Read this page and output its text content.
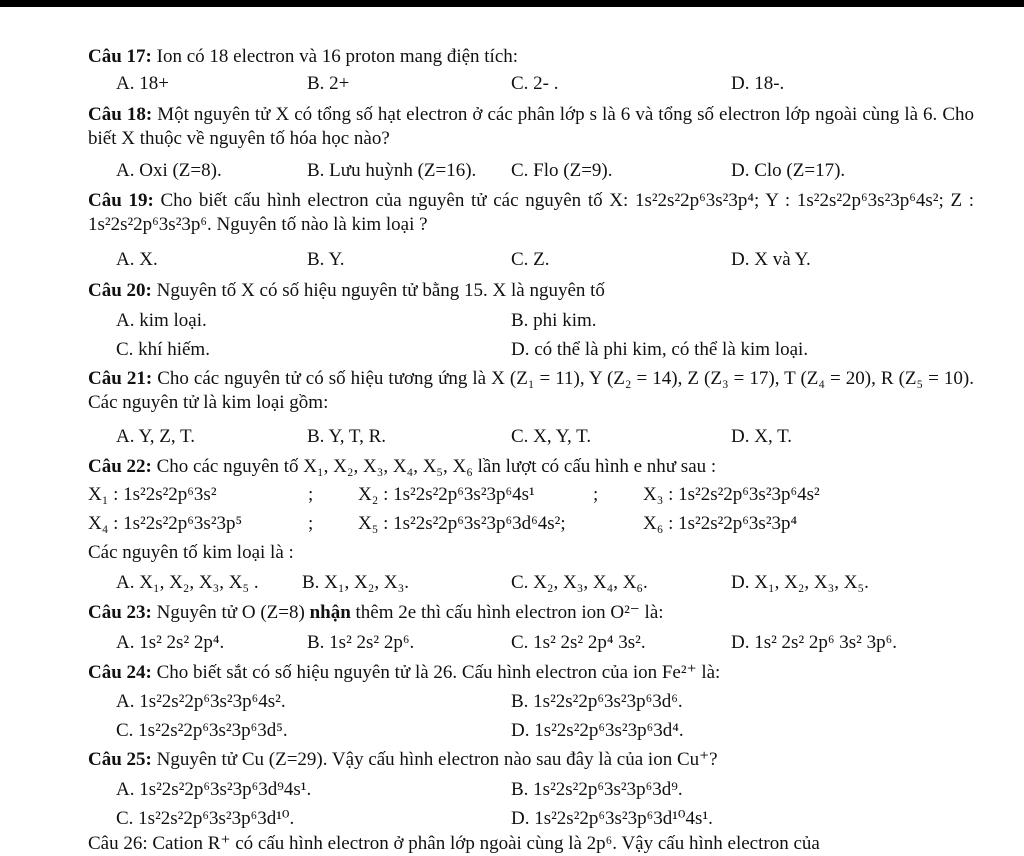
Câu 17: Ion có 18 electron và 16 proton mang điện tích:
A. 18+	B. 2+	C. 2- .	D. 18-.
Câu 18: Một nguyên tử X có tổng số hạt electron ở các phân lớp s là 6 và tổng số electron lớp ngoài cùng là 6. Cho biết X thuộc về nguyên tố hóa học nào?
A. Oxi (Z=8).	B. Lưu huỳnh (Z=16). C. Flo (Z=9).	D. Clo (Z=17).
Câu 19: Cho biết cấu hình electron của nguyên tử các nguyên tố X: 1s²2s²2p⁶3s²3p⁴; Y : 1s²2s²2p⁶3s²3p⁶4s²; Z : 1s²2s²2p⁶3s²3p⁶. Nguyên tố nào là kim loại ?
A. X.	B. Y.	C. Z.	D. X và Y.
Câu 20: Nguyên tố X có số hiệu nguyên tử bằng 15. X là nguyên tố
A. kim loại.	B. phi kim.
C. khí hiếm.	D. có thể là phi kim, có thể là kim loại.
Câu 21: Cho các nguyên tử có số hiệu tương ứng là X (Z₁ = 11), Y (Z₂ = 14), Z (Z₃ = 17), T (Z₄ = 20), R (Z₅ = 10). Các nguyên tử là kim loại gồm:
A. Y, Z, T.	B. Y, T, R.	C. X, Y, T.	D. X, T.
Câu 22: Cho các nguyên tố X₁, X₂, X₃, X₄, X₅, X₆ lần lượt có cấu hình e như sau :
X₁ : 1s²2s²2p⁶3s²	; X₂ : 1s²2s²2p⁶3s²3p⁶4s¹	; X₃ : 1s²2s²2p⁶3s²3p⁶4s²
X₄ : 1s²2s²2p⁶3s²3p⁵	; X₅ : 1s²2s²2p⁶3s²3p⁶3d⁶4s²;	X₆ : 1s²2s²2p⁶3s²3p⁴
Các nguyên tố kim loại là :
A. X₁, X₂, X₃, X₅ . B. X₁, X₂, X₃.	C. X₂, X₃, X₄, X₆.	D. X₁, X₂, X₃, X₅.
Câu 23: Nguyên tử O (Z=8) nhận thêm 2e thì cấu hình electron ion O²⁻ là:
A. 1s² 2s² 2p⁴.	B. 1s² 2s² 2p⁶.	C. 1s² 2s² 2p⁴ 3s².	D. 1s² 2s² 2p⁶ 3s² 3p⁶.
Câu 24: Cho biết sắt có số hiệu nguyên tử là 26. Cấu hình electron của ion Fe²⁺ là:
A. 1s²2s²2p⁶3s²3p⁶4s².	B. 1s²2s²2p⁶3s²3p⁶3d⁶.
C. 1s²2s²2p⁶3s²3p⁶3d⁵.	D. 1s²2s²2p⁶3s²3p⁶3d⁴.
Câu 25: Nguyên tử Cu (Z=29). Vậy cấu hình electron nào sau đây là của ion Cu⁺?
A. 1s²2s²2p⁶3s²3p⁶3d⁹4s¹.	B. 1s²2s²2p⁶3s²3p⁶3d⁹.
C. 1s²2s²2p⁶3s²3p⁶3d¹⁰.	D. 1s²2s²2p⁶3s²3p⁶3d¹⁰4s¹.
Câu 26: Cation R⁺ có cấu hình electron ở phân lớp ngoài cùng là 2p⁶. Vậy cấu hình electron của
